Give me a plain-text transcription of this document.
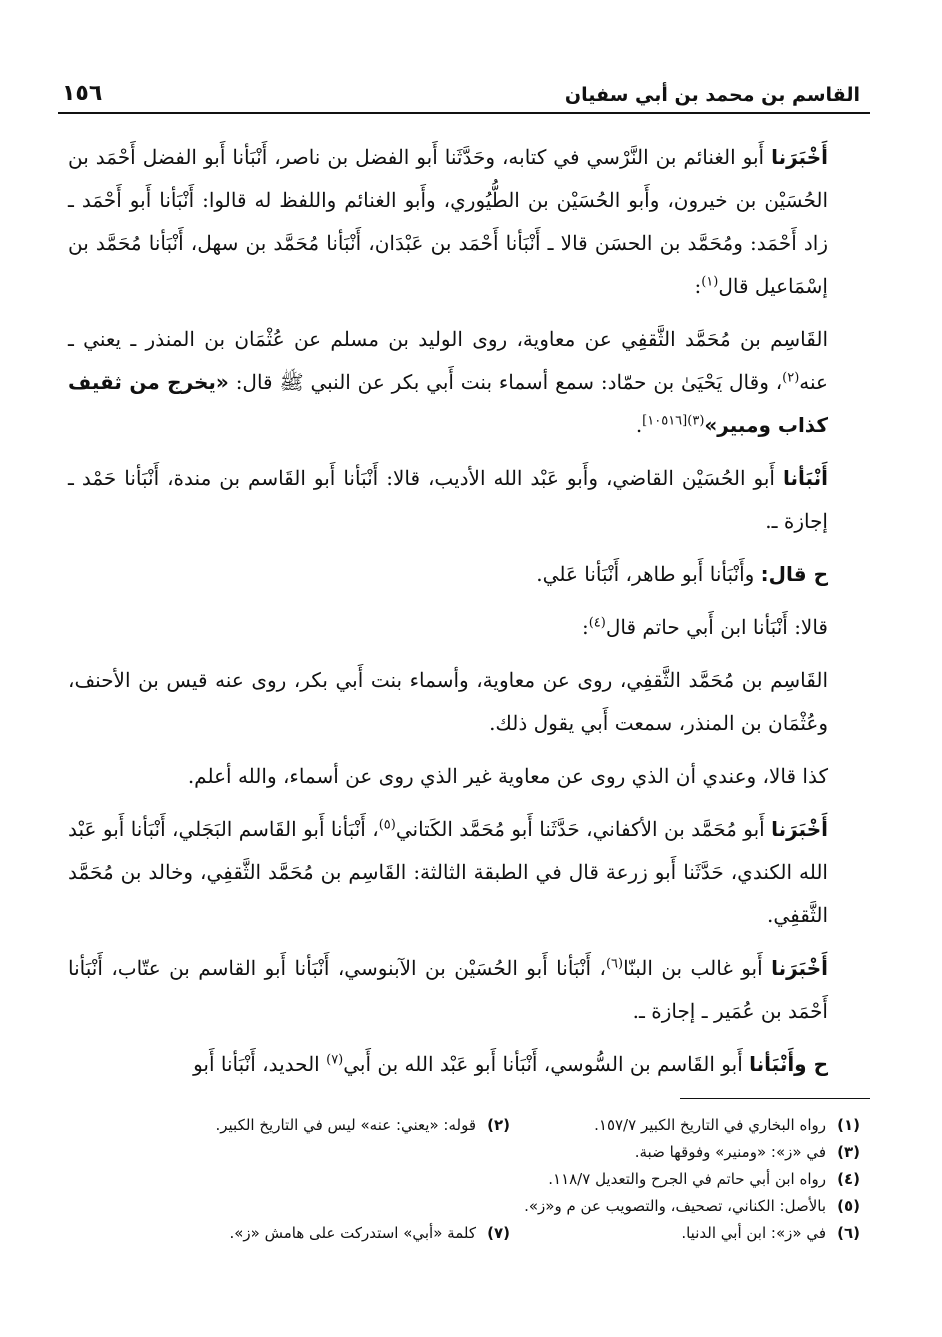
القاسم بن محمد بن أبي سفيان
١٥٦

أَخْبَرَنا أَبو الغنائم بن النَّرْسي في كتابه، وحَدَّثَنا أَبو الفضل بن ناصر، أَنْبَأنا أَبو الفضل أَحْمَد بن الحُسَيْن بن خيرون، وأَبو الحُسَيْن بن الطُّيُوري، وأَبو الغنائم واللفظ له قالوا: أَنْبَأنا أَبو أَحْمَد ـ زاد أَحْمَد: ومُحَمَّد بن الحسَن قالا ـ أَنْبَأنا أَحْمَد بن عَبْدَان، أَنْبَأنا مُحَمَّد بن سهل، أَنْبَأنا مُحَمَّد بن إسْمَاعيل قال$^{(١)}$:

القَاسِم بن مُحَمَّد الثَّقفِي عن معاوية، روى الوليد بن مسلم عن عُثْمَان بن المنذر ـ يعني ـ عنه$^{(٢)}$، وقال يَحْيَىٰ بن حمّاد: سمع أسماء بنت أَبي بكر عن النبي ﷺ قال: «يخرج من ثقيف كذاب ومبير»$^{(٣)[١٠٥١٦]}$.

أَنْبَأنا أَبو الحُسَيْن القاضي، وأَبو عَبْد الله الأديب، قالا: أَنْبَأنا أَبو القَاسم بن مندة، أَنْبَأنا حَمْد ـ إجازة ـ.

ح قال: وأَنْبَأنا أَبو طاهر، أَنْبَأنا عَلي.

قالا: أَنْبَأنا ابن أَبي حاتم قال$^{(٤)}$:

القَاسِم بن مُحَمَّد الثَّقفِي، روى عن معاوية، وأسماء بنت أَبي بكر، روى عنه قيس بن الأحنف، وعُثْمَان بن المنذر، سمعت أَبي يقول ذلك.

كذا قالا، وعندي أن الذي روى عن معاوية غير الذي روى عن أسماء، والله أعلم.

أَخْبَرَنا أَبو مُحَمَّد بن الأكفاني، حَدَّثَنا أَبو مُحَمَّد الكَتاني$^{(٥)}$، أَنْبَأنا أَبو القَاسم البَجَلي، أَنْبَأنا أَبو عَبْد الله الكندي، حَدَّثَنا أَبو زرعة قال في الطبقة الثالثة: القَاسِم بن مُحَمَّد الثَّقفِي، وخالد بن مُحَمَّد الثَّقفِي.

أَخْبَرَنا أَبو غالب بن البنّا$^{(٦)}$، أَنْبَأنا أَبو الحُسَيْن بن الآبنوسي، أَنْبَأنا أَبو القاسم بن عتّاب، أَنْبَأنا أَحْمَد بن عُمَير ـ إجازة ـ.

ح وأَنْبَأنا أَبو القَاسم بن السُّوسي، أَنْبَأنا أَبو عَبْد الله بن أَبي$^{(٧)}$ الحديد، أَنْبَأنا أَبو

(١)رواه البخاري في التاريخ الكبير ١٥٧/٧.
(٢)قوله: «يعني: عنه» ليس في التاريخ الكبير.
(٣)في «ز»: «ومنير» وفوقها ضبة.
(٤)رواه ابن أبي حاتم في الجرح والتعديل ١١٨/٧.
(٥)بالأصل: الكناني، تصحيف، والتصويب عن م و«ز».
(٦)في «ز»: ابن أبي الدنيا.
(٧)كلمة «أبي» استدركت على هامش «ز».
